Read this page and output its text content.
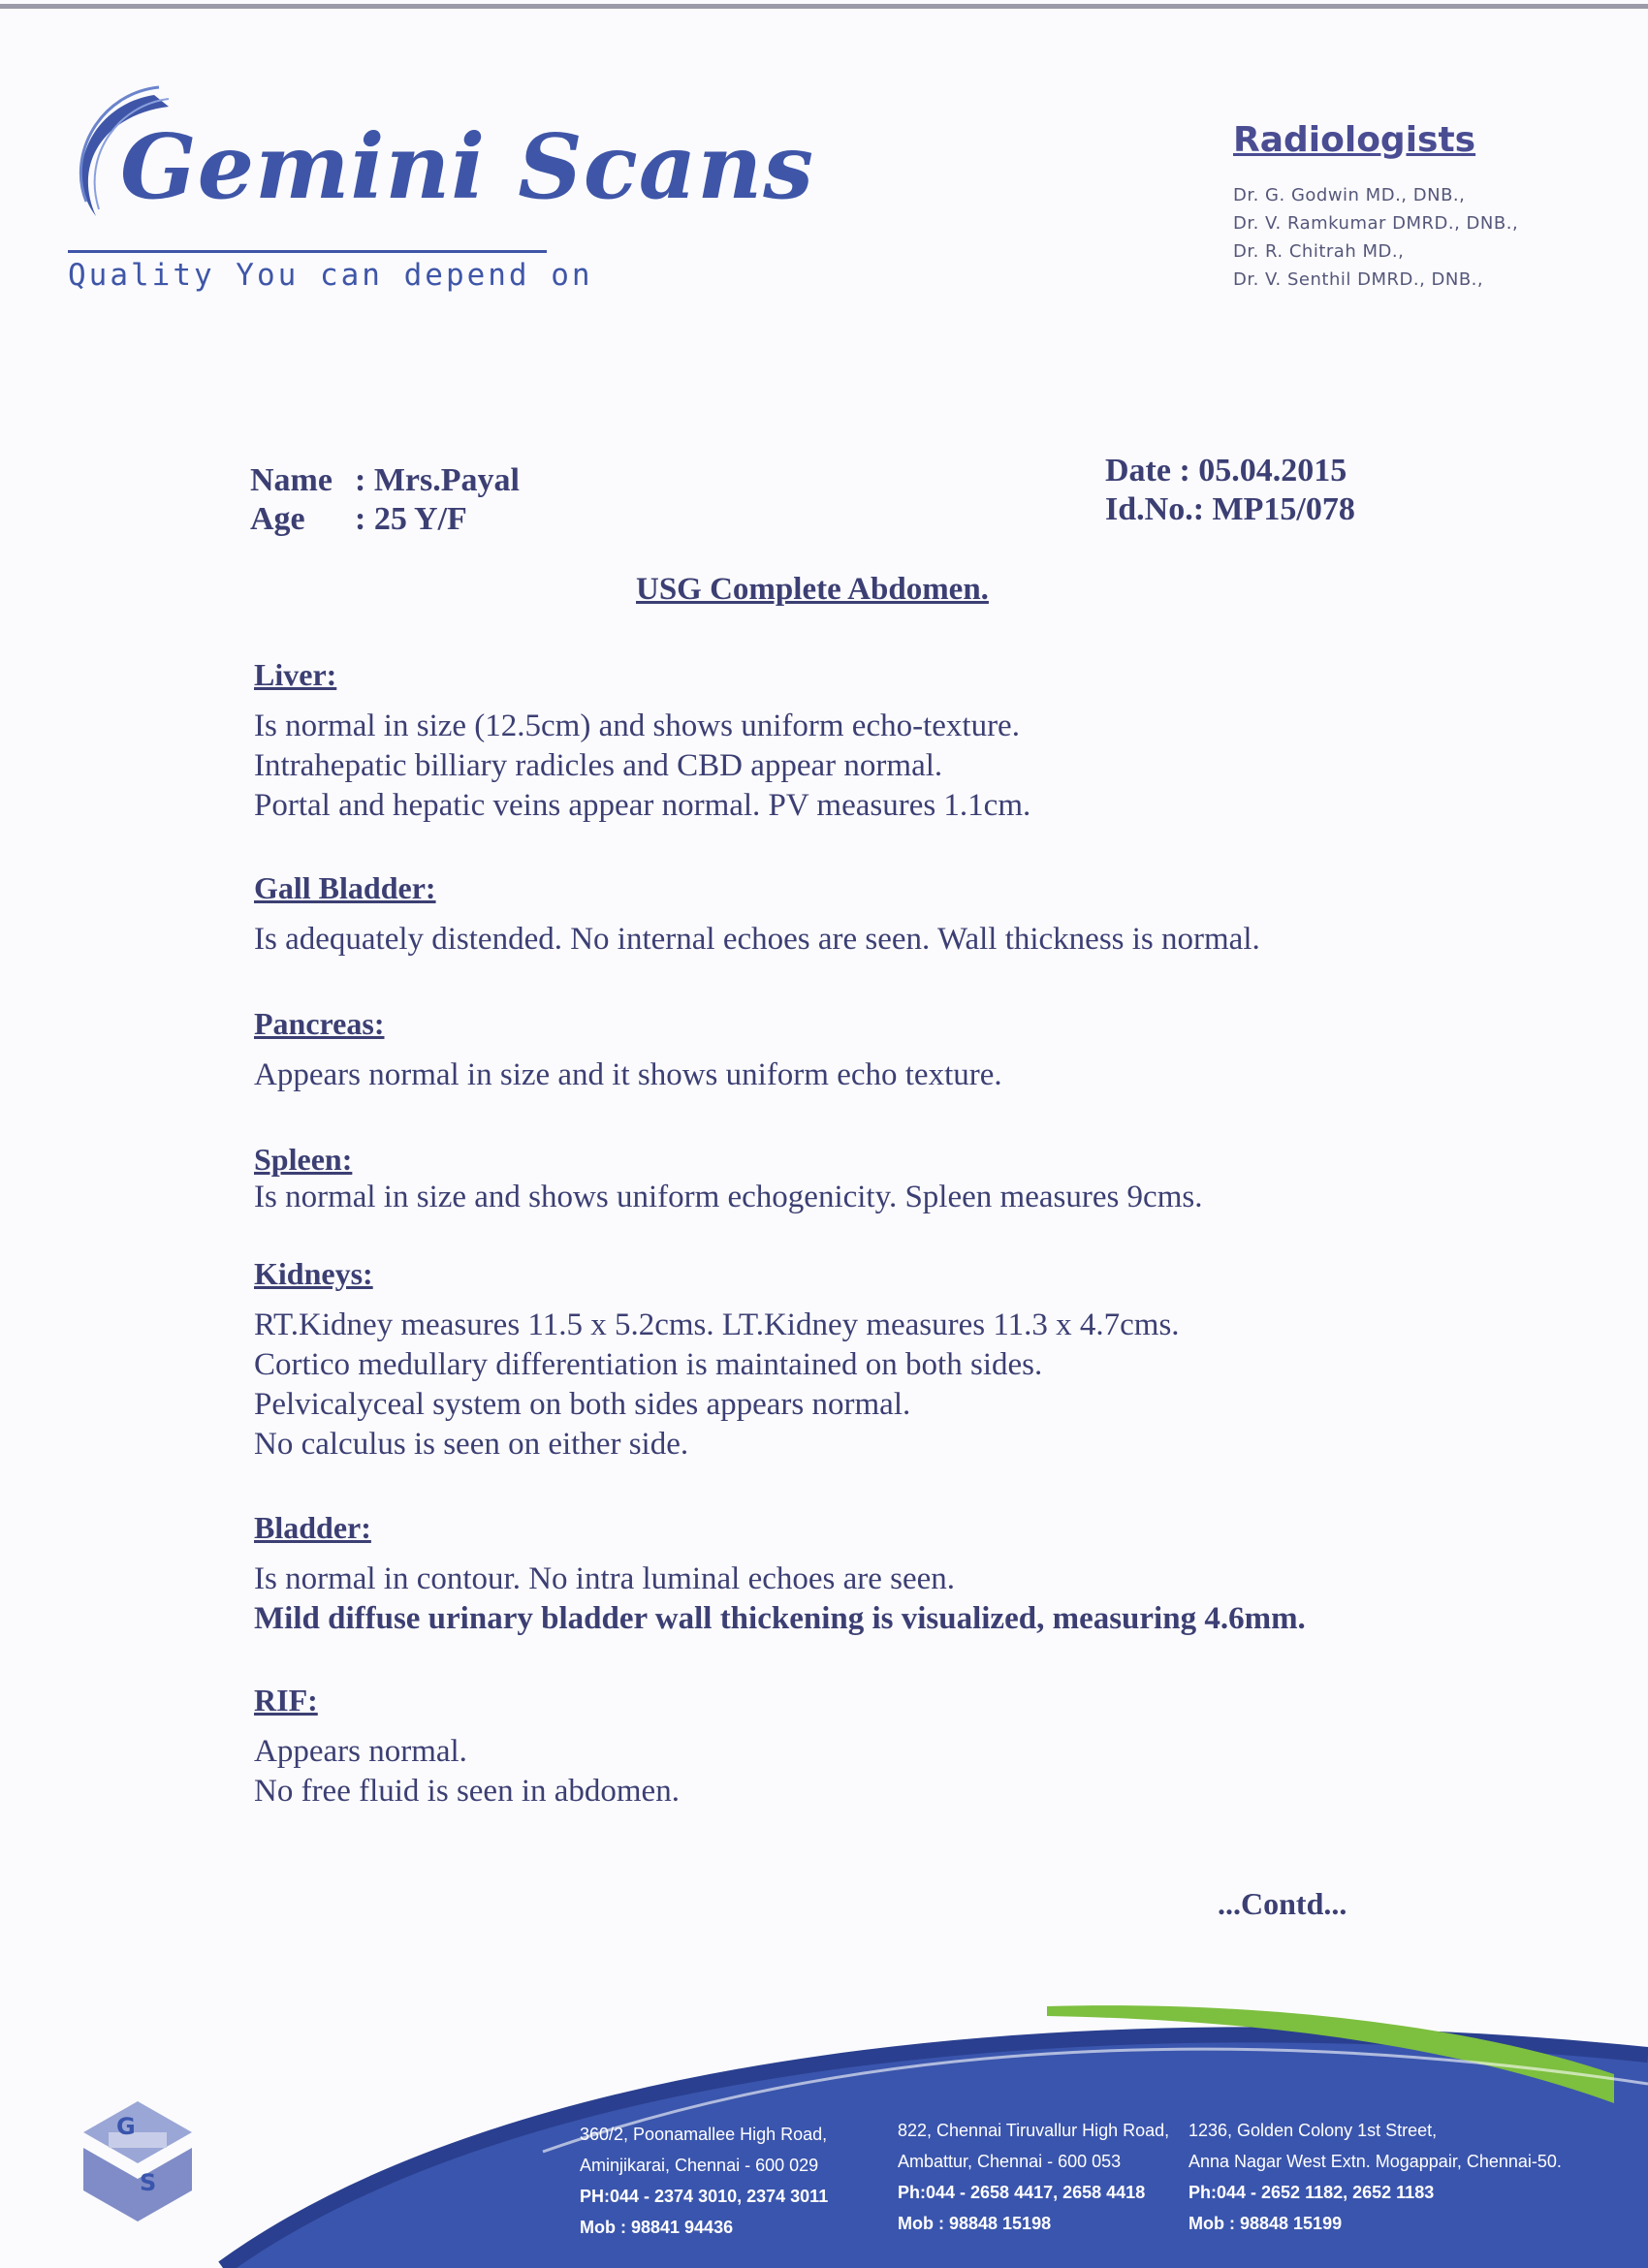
Gemini Scans
Quality You can depend on
Radiologists
Dr. G. Godwin MD., DNB.,
Dr. V. Ramkumar DMRD., DNB.,
Dr. R. Chitrah MD.,
Dr. V. Senthil DMRD., DNB.,
Name : Mrs.Payal
Age : 25 Y/F
Date : 05.04.2015
Id.No.: MP15/078
USG Complete Abdomen.
Liver:
Is normal in size (12.5cm) and shows uniform echo-texture.
Intrahepatic billiary radicles and CBD appear normal.
Portal and hepatic veins appear normal. PV measures 1.1cm.
Gall Bladder:
Is adequately distended. No internal echoes are seen. Wall thickness is normal.
Pancreas:
Appears normal in size and it shows uniform echo texture.
Spleen:
Is normal in size and shows uniform echogenicity. Spleen measures 9cms.
Kidneys:
RT.Kidney measures 11.5 x 5.2cms. LT.Kidney measures 11.3 x 4.7cms.
Cortico medullary differentiation is maintained on both sides.
Pelvicalyceal system on both sides appears normal.
No calculus is seen on either side.
Bladder:
Is normal in contour. No intra luminal echoes are seen.
Mild diffuse urinary bladder wall thickening is visualized, measuring 4.6mm.
RIF:
Appears normal.
No free fluid is seen in abdomen.
...Contd...
G
S
360/2, Poonamallee High Road,
Aminjikarai, Chennai - 600 029
PH:044 - 2374 3010, 2374 3011
Mob : 98841 94436
822, Chennai Tiruvallur High Road,
Ambattur, Chennai - 600 053
Ph:044 - 2658 4417, 2658 4418
Mob : 98848 15198
1236, Golden Colony 1st Street,
Anna Nagar West Extn. Mogappair, Chennai-50.
Ph:044 - 2652 1182, 2652 1183
Mob : 98848 15199
